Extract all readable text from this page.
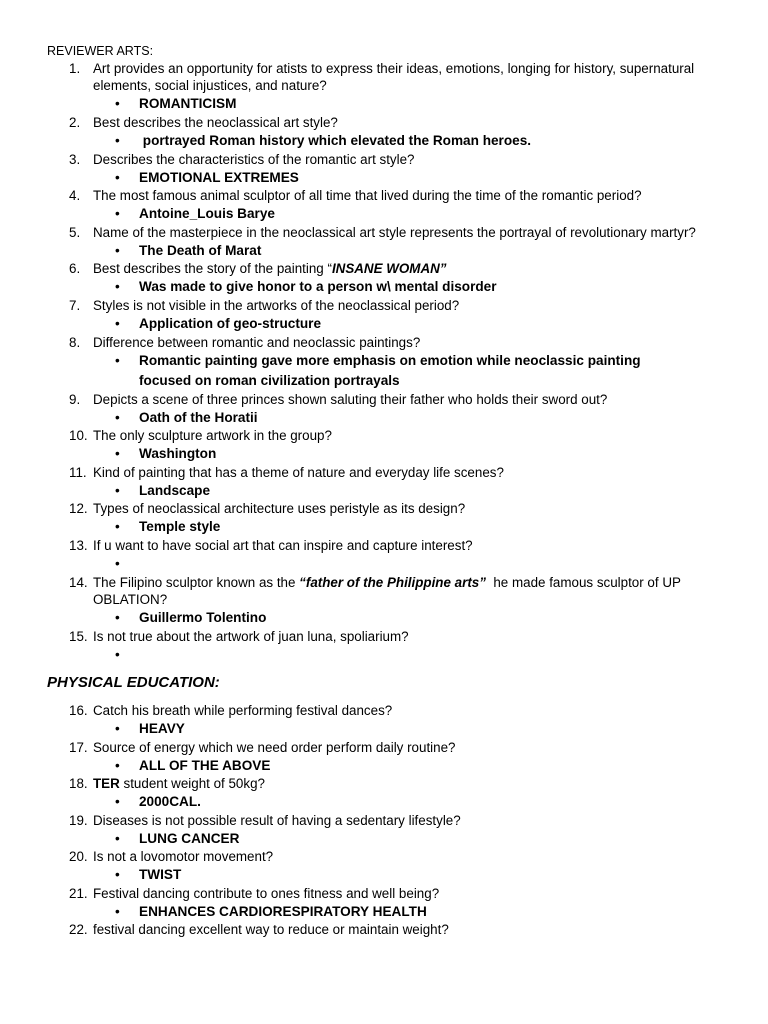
REVIEWER ARTS:
1. Art provides an opportunity for atists to express their ideas, emotions, longing for history, supernatural elements, social injustices, and nature?
• ROMANTICISM
2. Best describes the neoclassical art style?
• portrayed Roman history which elevated the Roman heroes.
3. Describes the characteristics of the romantic art style?
• EMOTIONAL EXTREMES
4. The most famous animal sculptor of all time that lived during the time of the romantic period?
• Antoine_Louis Barye
5. Name of the masterpiece in the neoclassical art style represents the portrayal of revolutionary martyr?
• The Death of Marat
6. Best describes the story of the painting “INSANE WOMAN”
• Was made to give honor to a person w\ mental disorder
7. Styles is not visible in the artworks of the neoclassical period?
• Application of geo-structure
8. Difference between romantic and neoclassic paintings?
• Romantic painting gave more emphasis on emotion while neoclassic painting focused on roman civilization portrayals
9. Depicts a scene of three princes shown saluting their father who holds their sword out?
• Oath of the Horatii
10. The only sculpture artwork in the group?
• Washington
11. Kind of painting that has a theme of nature and everyday life scenes?
• Landscape
12. Types of neoclassical architecture uses peristyle as its design?
• Temple style
13. If u want to have social art that can inspire and capture interest?
•

14. The Filipino sculptor known as the “father of the Philippine arts”  he made famous sculptor of UP OBLATION?
• Guillermo Tolentino
15. Is not true about the artwork of juan luna, spoliarium?
•

PHYSICAL EDUCATION:
16. Catch his breath while performing festival dances?
• HEAVY
17. Source of energy which we need order perform daily routine?
• ALL OF THE ABOVE
18. TER student weight of 50kg?
• 2000CAL.
19. Diseases is not possible result of having a sedentary lifestyle?
• LUNG CANCER
20. Is not a lovomotor movement?
• TWIST
21. Festival dancing contribute to ones fitness and well being?
• ENHANCES CARDIORESPIRATORY HEALTH
22. festival dancing excellent way to reduce or maintain weight?
